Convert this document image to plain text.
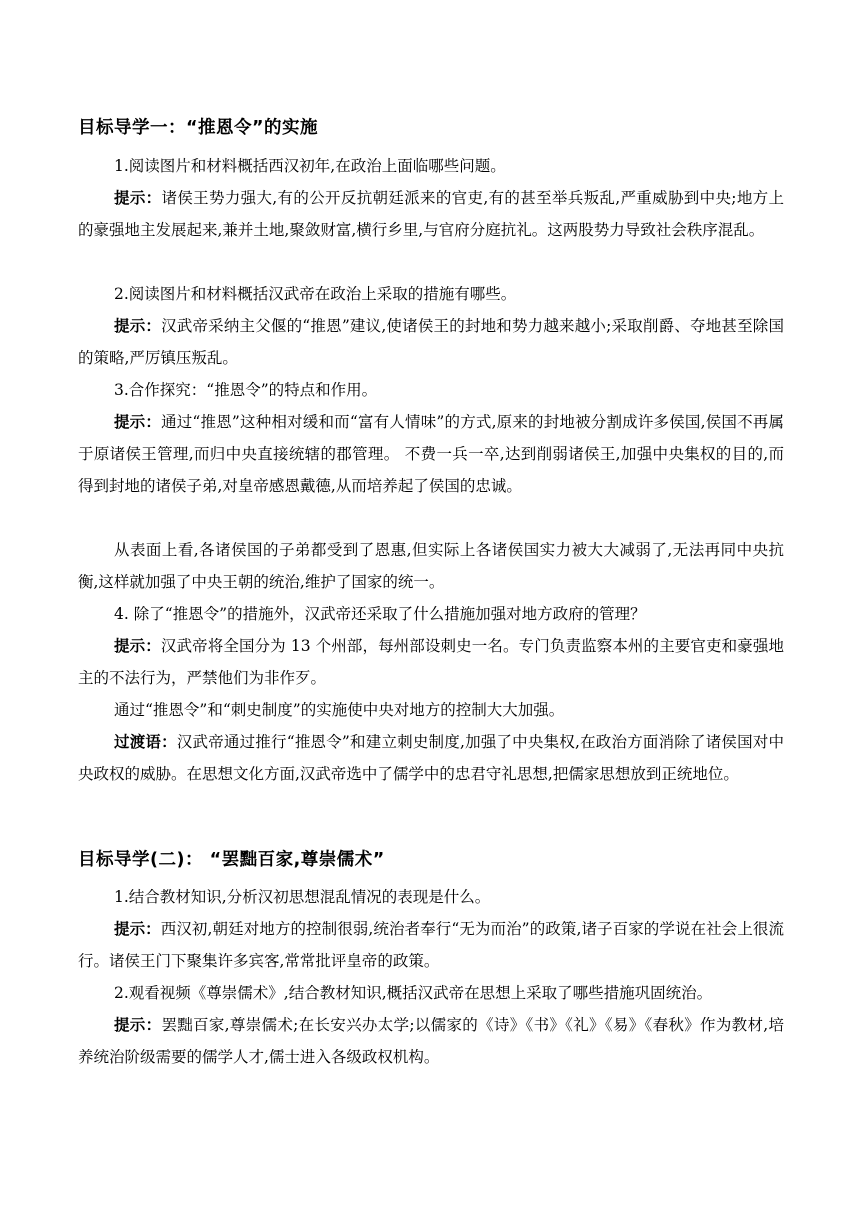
目标导学一：“推恩令”的实施

1.阅读图片和材料概括西汉初年,在政治上面临哪些问题。

提示：诸侯王势力强大,有的公开反抗朝廷派来的官吏,有的甚至举兵叛乱,严重威胁到中央;地方上的豪强地主发展起来,兼并土地,聚敛财富,横行乡里,与官府分庭抗礼。这两股势力导致社会秩序混乱。

2.阅读图片和材料概括汉武帝在政治上采取的措施有哪些。

提示：汉武帝采纳主父偃的“推恩”建议,使诸侯王的封地和势力越来越小;采取削爵、夺地甚至除国的策略,严厉镇压叛乱。

3.合作探究：“推恩令”的特点和作用。

提示：通过“推恩”这种相对缓和而“富有人情味”的方式,原来的封地被分割成许多侯国,侯国不再属于原诸侯王管理,而归中央直接统辖的郡管理。 不费一兵一卒,达到削弱诸侯王,加强中央集权的目的,而得到封地的诸侯子弟,对皇帝感恩戴德,从而培养起了侯国的忠诚。

从表面上看,各诸侯国的子弟都受到了恩惠,但实际上各诸侯国实力被大大减弱了,无法再同中央抗衡,这样就加强了中央王朝的统治,维护了国家的统一。

4. 除了“推恩令”的措施外，汉武帝还采取了什么措施加强对地方政府的管理？

提示：汉武帝将全国分为 13 个州部，每州部设刺史一名。专门负责监察本州的主要官吏和豪强地主的不法行为，严禁他们为非作歹。

通过“推恩令”和“刺史制度”的实施使中央对地方的控制大大加强。

过渡语：汉武帝通过推行“推恩令”和建立刺史制度,加强了中央集权,在政治方面消除了诸侯国对中央政权的威胁。在思想文化方面,汉武帝选中了儒学中的忠君守礼思想,把儒家思想放到正统地位。

目标导学(二)： “罢黜百家,尊崇儒术”

1.结合教材知识,分析汉初思想混乱情况的表现是什么。

提示：西汉初,朝廷对地方的控制很弱,统治者奉行“无为而治”的政策,诸子百家的学说在社会上很流行。诸侯王门下聚集许多宾客,常常批评皇帝的政策。

2.观看视频《尊崇儒术》,结合教材知识,概括汉武帝在思想上采取了哪些措施巩固统治。

提示：罢黜百家,尊崇儒术;在长安兴办太学;以儒家的《诗》《书》《礼》《易》《春秋》作为教材,培养统治阶级需要的儒学人才,儒士进入各级政权机构。
